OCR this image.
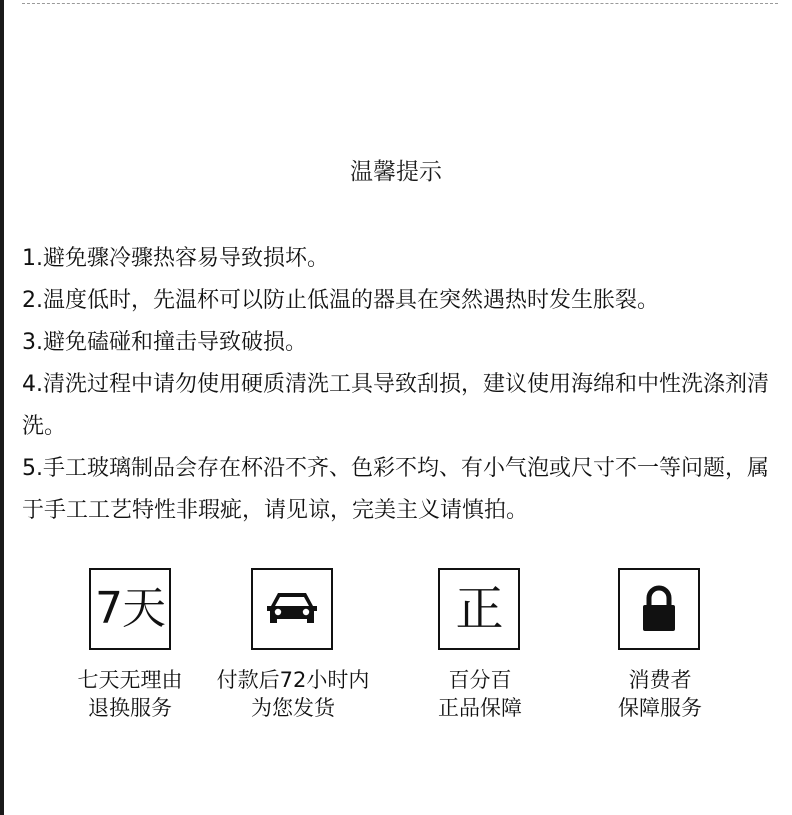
温馨提示

1.避免骤冷骤热容易导致损坏。

2.温度低时，先温杯可以防止低温的器具在突然遇热时发生胀裂。

3.避免磕碰和撞击导致破损。

4.清洗过程中请勿使用硬质清洗工具导致刮损，建议使用海绵和中性洗涤剂清洗。

5.手工玻璃制品会存在杯沿不齐、色彩不均、有小气泡或尺寸不一等问题，属于手工工艺特性非瑕疵，请见谅，完美主义请慎拍。

7天
七天无理由
退换服务
付款后72小时内
为您发货
正
百分百
正品保障
消费者
保障服务
